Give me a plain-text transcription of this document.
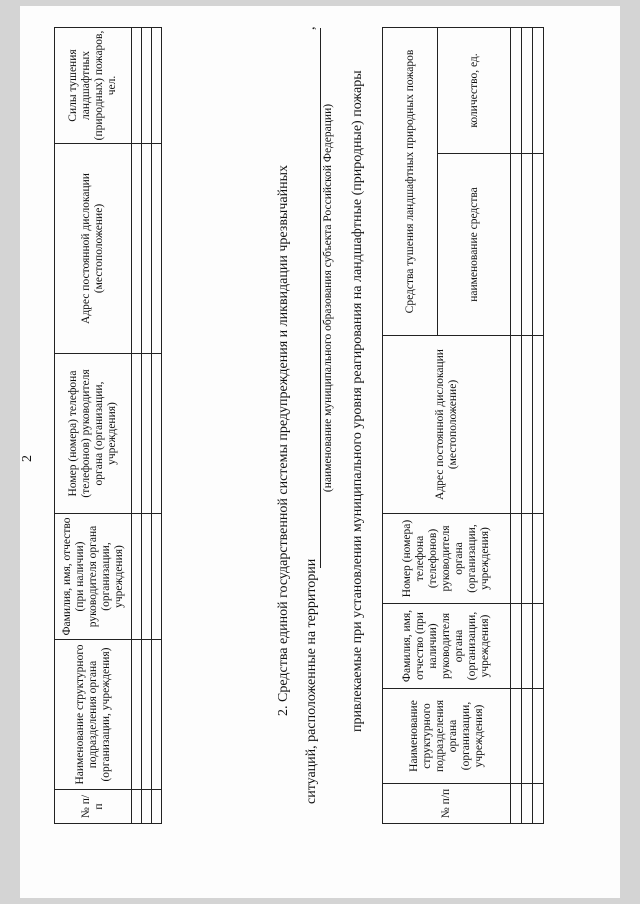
2
№ п/п	Наименование структурного подразделения органа (организации, учреждения)	Фамилия, имя, отчество (при наличии) руководителя органа (организации, учреждения)	Номер (номера) телефона (телефонов) руководителя органа (организации, учреждения)	Адрес постоянной дислокации (местоположение)	Силы тушения ландшафтных (природных) пожаров, чел.

2. Средства единой государственной системы предупреждения и ликвидации чрезвычайных ситуаций, расположенные на территории
,
(наименование муниципального образования субъекта Российской Федерации) привлекаемые при установлении муниципального уровня реагирования на ландшафтные (природные) пожары
№ п/п	Наименование структурного подразделения органа (организации, учреждения)	Фамилия, имя, отчество (при наличии) руководителя органа (организации, учреждения)	Номер (номера) телефона (телефонов) руководителя органа (организации, учреждения)	Адрес постоянной дислокации (местоположение)	Средства тушения ландшафтных природных пожаров	
					наименование средства	количество, ед.
